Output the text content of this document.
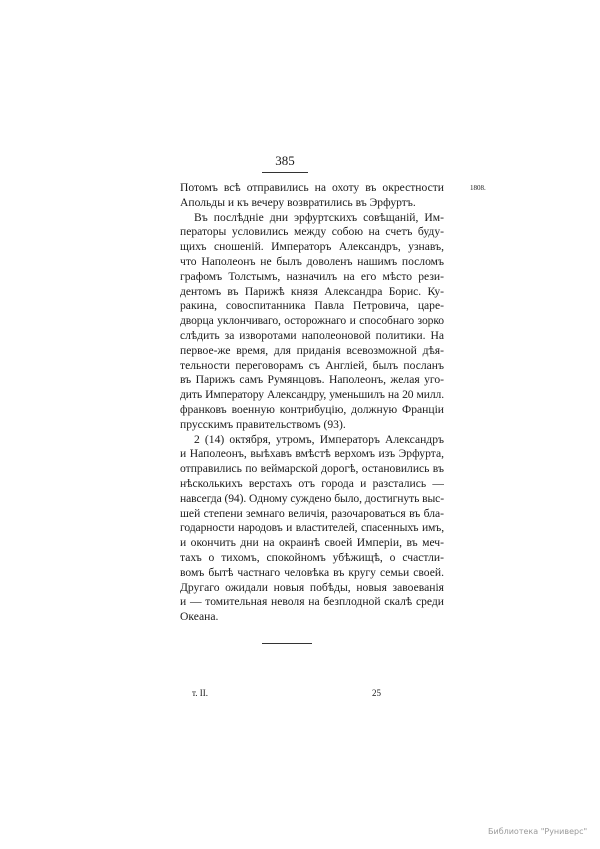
385
1808.
Потомъ всѣ отправились на охоту въ окрестности
Апольды и къ вечеру возвратились въ Эрфуртъ.
Въ послѣдніе дни эрфуртскихъ совѣщаній, Им-
ператоры условились между собою на счетъ буду-
щихъ сношеній. Императоръ Александръ, узнавъ,
что Наполеонъ не былъ доволенъ нашимъ посломъ
графомъ Толстымъ, назначилъ на его мѣсто рези-
дентомъ въ Парижѣ князя Александра Борис. Ку-
ракина, совоспитанника Павла Петровича, царе-
дворца уклончиваго, осторожнаго и способнаго зорко
слѣдить за изворотами наполеоновой политики. На
первое-же время, для приданія всевозможной дѣя-
тельности переговорамъ съ Англіей, былъ посланъ
въ Парижъ самъ Румянцовъ. Наполеонъ, желая уго-
дить Императору Александру, уменьшилъ на 20 милл.
франковъ военную контрибуцію, должную Франціи
прусскимъ правительствомъ (93).
2 (14) октября, утромъ, Императоръ Александръ
и Наполеонъ, выѣхавъ вмѣстѣ верхомъ изъ Эрфурта,
отправились по веймарской дорогѣ, остановились въ
нѣсколькихъ верстахъ отъ города и разстались —
навсегда (94). Одному суждено было, достигнуть выс-
шей степени земнаго величія, разочароваться въ бла-
годарности народовъ и властителей, спасенныхъ имъ,
и окончить дни на окраинѣ своей Имперіи, въ меч-
тахъ о тихомъ, спокойномъ убѣжищѣ, о счастли-
вомъ бытѣ частнаго человѣка въ кругу семьи своей.
Другаго ожидали новыя побѣды, новыя завоеванія
и — томительная неволя на безплодной скалѣ среди
Океана.
т. II.	25
Библиотека "Руниверс"
